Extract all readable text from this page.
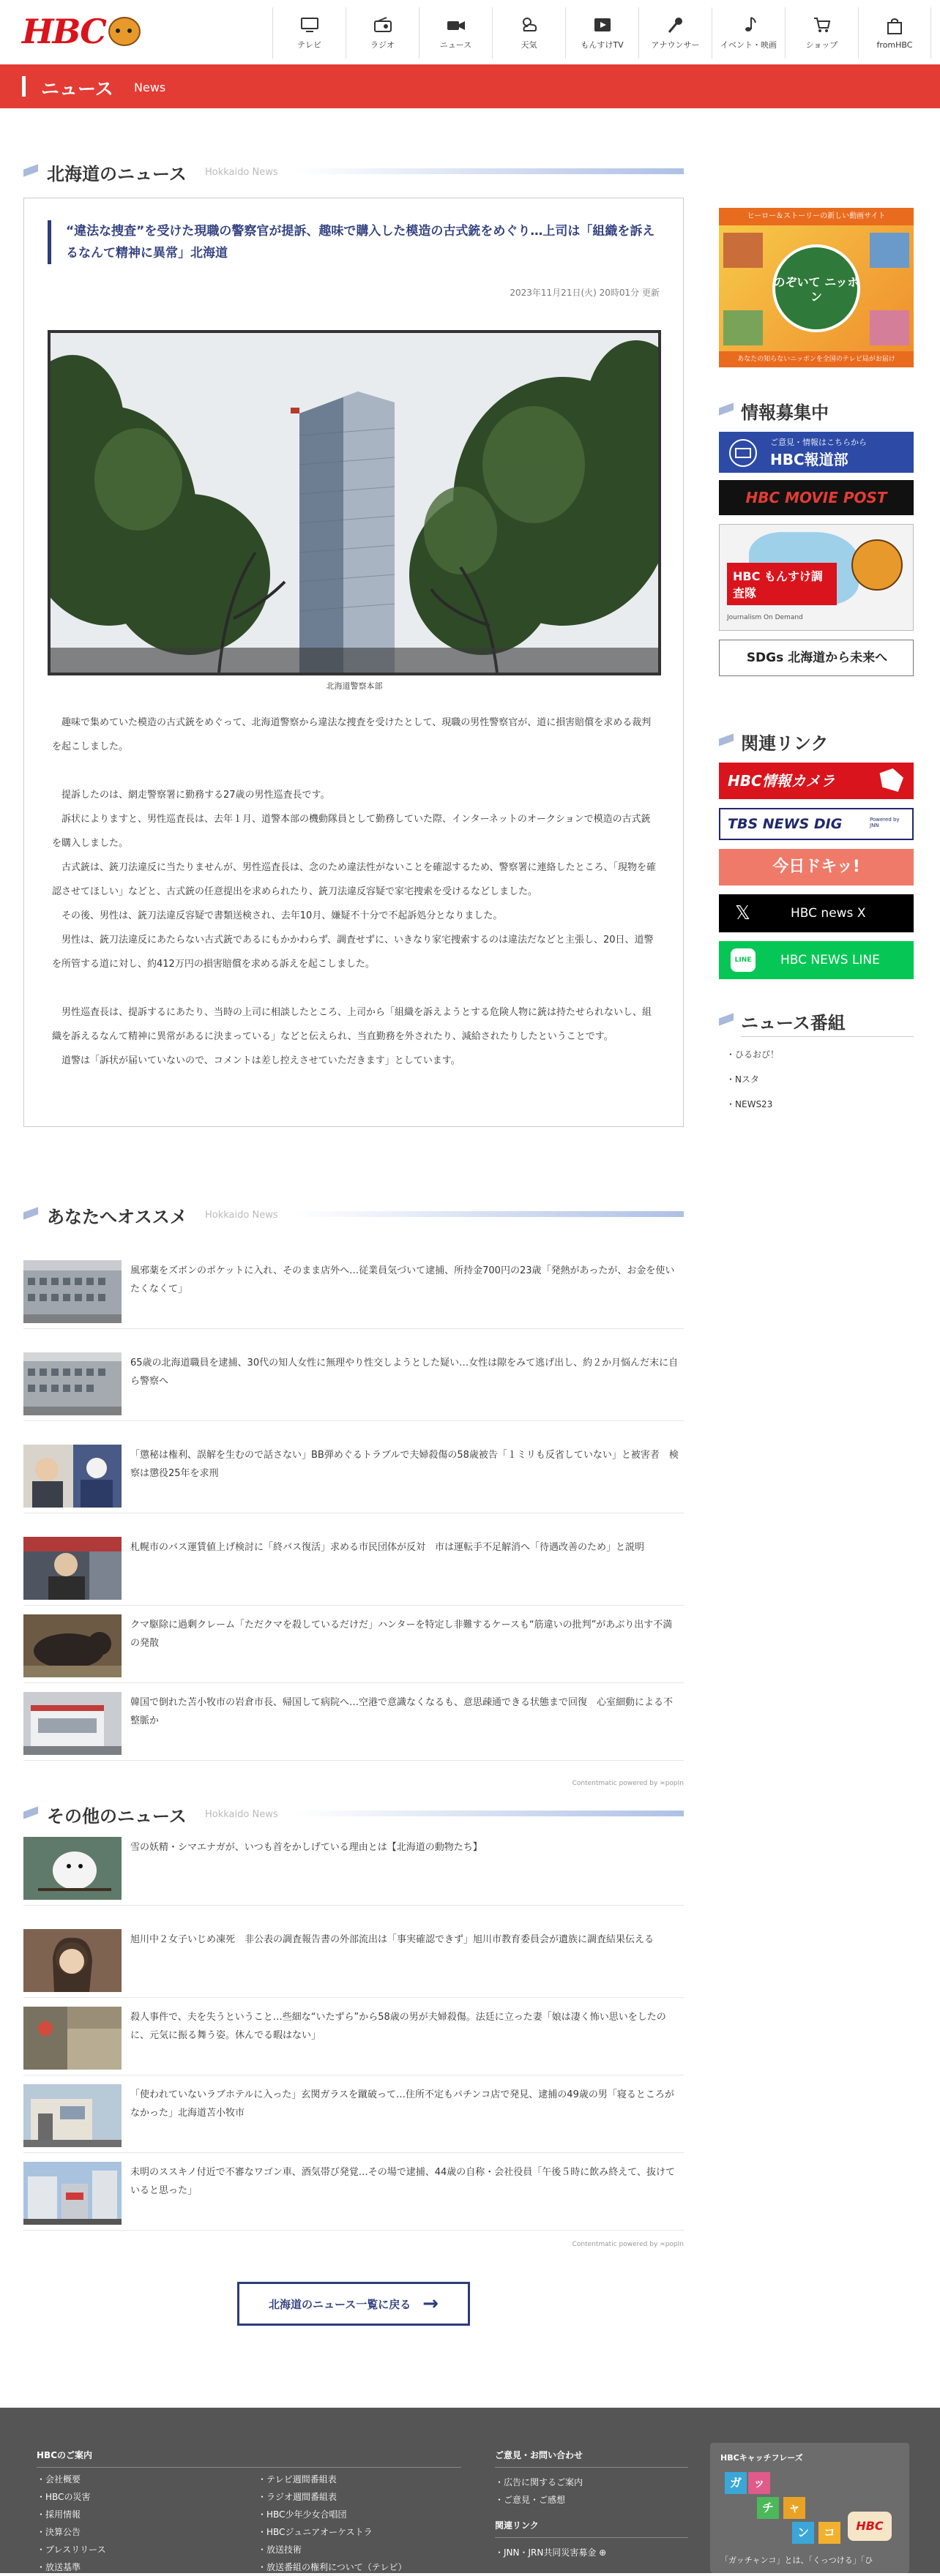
HBC	テレビ	ラジオ	ニュース	天気	もんすけTV	アナウンサー	イベント・映画	ショップ	fromHBC
ニュース News
北海道のニュース Hokkaido News
“違法な捜査”を受けた現職の警察官が提訴、趣味で購入した模造の古式銃をめぐり…上司は「組織を訴えるなんて精神に異常」北海道
2023年11月21日(火) 20時01分 更新
北海道警察本部

趣味で集めていた模造の古式銃をめぐって、北海道警察から違法な捜査を受けたとして、現職の男性警察官が、道に損害賠償を求める裁判を起こしました。

提訴したのは、網走警察署に勤務する27歳の男性巡査長です。

訴状によりますと、男性巡査長は、去年１月、道警本部の機動隊員として勤務していた際、インターネットのオークションで模造の古式銃を購入しました。

古式銃は、銃刀法違反に当たりませんが、男性巡査長は、念のため違法性がないことを確認するため、警察署に連絡したところ、「現物を確認させてほしい」などと、古式銃の任意提出を求められたり、銃刀法違反容疑で家宅捜索を受けるなどしました。

その後、男性は、銃刀法違反容疑で書類送検され、去年10月、嫌疑不十分で不起訴処分となりました。

男性は、銃刀法違反にあたらない古式銃であるにもかかわらず、調査せずに、いきなり家宅捜索するのは違法だなどと主張し、20日、道警を所管する道に対し、約412万円の損害賠償を求める訴えを起こしました。

男性巡査長は、提訴するにあたり、当時の上司に相談したところ、上司から「組織を訴えようとする危険人物に銃は持たせられないし、組織を訴えるなんて精神に異常があるに決まっている」などと伝えられ、当直勤務を外されたり、減給されたりしたということです。

道警は「訴状が届いていないので、コメントは差し控えさせていただきます」としています。

あなたへオススメ Hokkaido News
風邪薬をズボンのポケットに入れ、そのまま店外へ…従業員気づいて逮捕、所持金700円の23歳「発熱があったが、お金を使いたくなくて」
65歳の北海道職員を逮捕、30代の知人女性に無理やり性交しようとした疑い…女性は隙をみて逃げ出し、約２か月悩んだ末に自ら警察へ
「懲秘は権利、誤解を生むので話さない」BB弾めぐるトラブルで夫婦殺傷の58歳被告「１ミリも反省していない」と被害者　検察は懲役25年を求刑
札幌市のバス運賃値上げ検討に「終バス復活」求める市民団体が反対　市は運転手不足解消へ「待遇改善のため」と説明
クマ駆除に過剰クレーム「ただクマを殺しているだけだ」ハンターを特定し非難するケースも“筋違いの批判”があぶり出す不満の発散
韓国で倒れた苫小牧市の岩倉市長、帰国して病院へ…空港で意識なくなるも、意思疎通できる状態まで回復　心室細動による不整脈か
Contentmatic powered by ≍popIn
その他のニュース Hokkaido News
雪の妖精・シマエナガが、いつも首をかしげている理由とは【北海道の動物たち】
旭川中２女子いじめ凍死　非公表の調査報告書の外部流出は「事実確認できず」旭川市教育委員会が遺族に調査結果伝える
殺人事件で、夫を失うということ…些細な“いたずら”から58歳の男が夫婦殺傷。法廷に立った妻「娘は凄く怖い思いをしたのに、元気に振る舞う姿。休んでる暇はない」
「使われていないラブホテルに入った」玄関ガラスを蹴破って…住所不定もパチンコ店で発見、逮捕の49歳の男「寝るところがなかった」北海道苫小牧市
未明のススキノ付近で不審なワゴン車、酒気帯び発覚…その場で逮捕、44歳の自称・会社役員「午後５時に飲み終えて、抜けていると思った」
Contentmatic powered by ≍popIn
北海道のニュース一覧に戻る →
ヒーロー＆ストーリーの新しい動画サイト
のぞいて ニッポン
あなたの知らないニッポンを全国のテレビ局がお届け
情報募集中
ご意見・情報はこちらから
HBC報道部
HBC MOVIE POST
HBC もんすけ調査隊
Journalism On Demand
SDGs 北海道から未来へ
関連リンク
HBC情報カメラ
TBS NEWS DIG	Powered by JNN
今日ドキッ!
𝕏	HBC news X
LINE	HBC NEWS LINE
ニュース番組
・ひるおび！
・Nスタ
・NEWS23
HBCのご案内
・会社概要
・HBCの災害
・採用情報
・決算公告
・プレスリリース
・放送基準
・テレビ週間番組表
・ラジオ週間番組表
・HBC少年少女合唱団
・HBCジュニアオーケストラ
・放送技術
・放送番組の権利について（テレビ）
ご意見・お問い合わせ
・広告に関するご案内
・ご意見・ご感想
関連リンク
・JNN・JRN共同災害募金 ⊕
HBCキャッチフレーズ
ガ ッ
チ	ャ
ン	コ	HBC
「ガッチャンコ」とは、「くっつける」「ひ
